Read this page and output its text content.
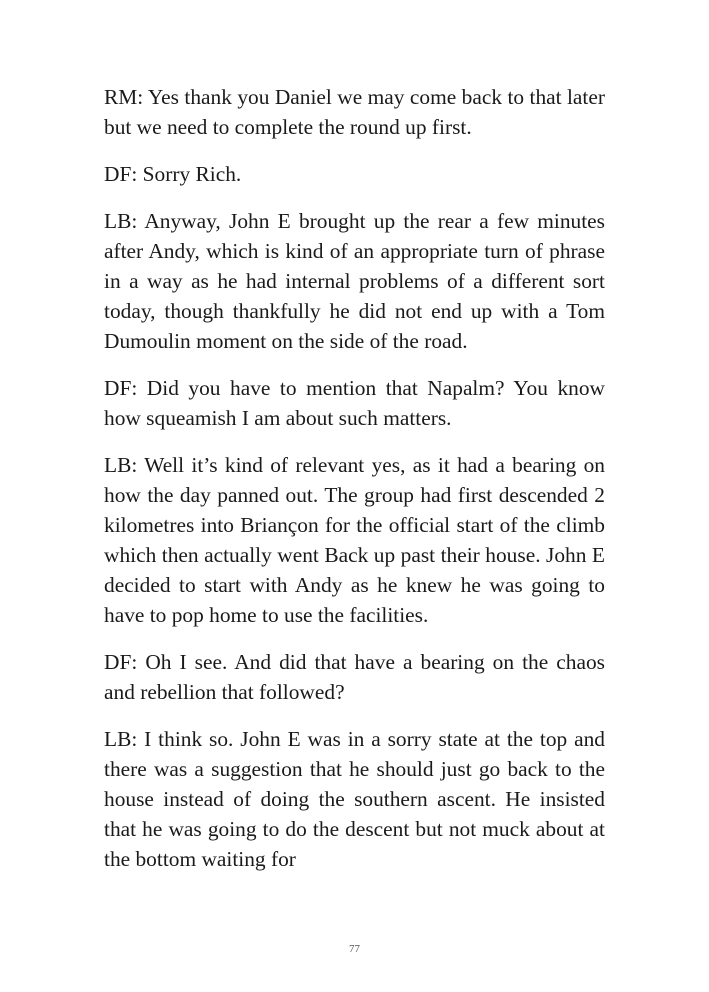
RM: Yes thank you Daniel we may come back to that later but we need to complete the round up first.

DF: Sorry Rich.

LB: Anyway, John E brought up the rear a few minutes after Andy, which is kind of an appropriate turn of phrase in a way as he had internal problems of a different sort today, though thankfully he did not end up with a Tom Dumoulin moment on the side of the road.

DF: Did you have to mention that Napalm? You know how squeamish I am about such matters.

LB: Well it’s kind of relevant yes, as it had a bearing on how the day panned out. The group had first descended 2 kilometres into Briançon for the official start of the climb which then actually went Back up past their house. John E decided to start with Andy as he knew he was going to have to pop home to use the facilities.

DF: Oh I see. And did that have a bearing on the chaos and rebellion that followed?

LB: I think so. John E was in a sorry state at the top and there was a suggestion that he should just go back to the house instead of doing the southern ascent. He insisted that he was going to do the descent but not muck about at the bottom waiting for

77
